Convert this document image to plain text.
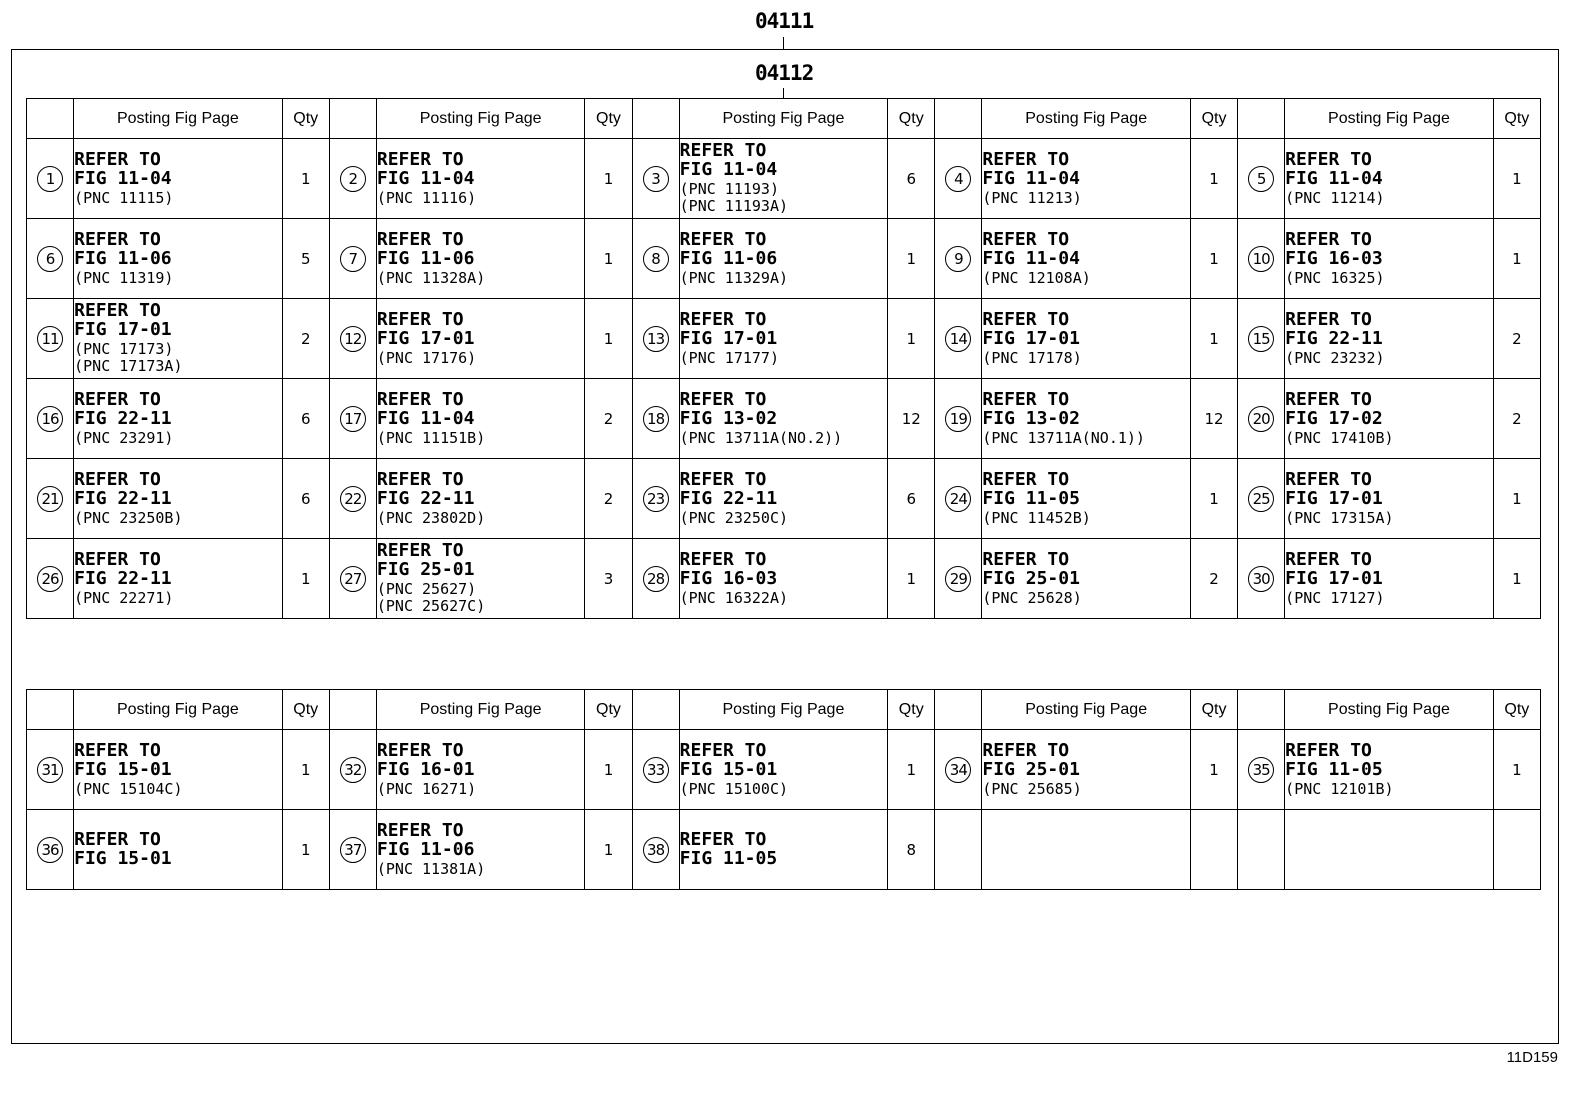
04111
04112
	Posting Fig Page	Qty		Posting Fig Page	Qty		Posting Fig Page	Qty		Posting Fig Page	Qty		Posting Fig Page	Qty
1	REFER TO
FIG 11-04
(PNC 11115)	1	2	REFER TO
FIG 11-04
(PNC 11116)	1	3	REFER TO
FIG 11-04
(PNC 11193)
(PNC 11193A)	6	4	REFER TO
FIG 11-04
(PNC 11213)	1	5	REFER TO
FIG 11-04
(PNC 11214)	1
6	REFER TO
FIG 11-06
(PNC 11319)	5	7	REFER TO
FIG 11-06
(PNC 11328A)	1	8	REFER TO
FIG 11-06
(PNC 11329A)	1	9	REFER TO
FIG 11-04
(PNC 12108A)	1	10	REFER TO
FIG 16-03
(PNC 16325)	1
11	REFER TO
FIG 17-01
(PNC 17173)
(PNC 17173A)	2	12	REFER TO
FIG 17-01
(PNC 17176)	1	13	REFER TO
FIG 17-01
(PNC 17177)	1	14	REFER TO
FIG 17-01
(PNC 17178)	1	15	REFER TO
FIG 22-11
(PNC 23232)	2
16	REFER TO
FIG 22-11
(PNC 23291)	6	17	REFER TO
FIG 11-04
(PNC 11151B)	2	18	REFER TO
FIG 13-02
(PNC 13711A(NO.2))	12	19	REFER TO
FIG 13-02
(PNC 13711A(NO.1))	12	20	REFER TO
FIG 17-02
(PNC 17410B)	2
21	REFER TO
FIG 22-11
(PNC 23250B)	6	22	REFER TO
FIG 22-11
(PNC 23802D)	2	23	REFER TO
FIG 22-11
(PNC 23250C)	6	24	REFER TO
FIG 11-05
(PNC 11452B)	1	25	REFER TO
FIG 17-01
(PNC 17315A)	1
26	REFER TO
FIG 22-11
(PNC 22271)	1	27	REFER TO
FIG 25-01
(PNC 25627)
(PNC 25627C)	3	28	REFER TO
FIG 16-03
(PNC 16322A)	1	29	REFER TO
FIG 25-01
(PNC 25628)	2	30	REFER TO
FIG 17-01
(PNC 17127)	1
	Posting Fig Page	Qty		Posting Fig Page	Qty		Posting Fig Page	Qty		Posting Fig Page	Qty		Posting Fig Page	Qty
31	REFER TO
FIG 15-01
(PNC 15104C)	1	32	REFER TO
FIG 16-01
(PNC 16271)	1	33	REFER TO
FIG 15-01
(PNC 15100C)	1	34	REFER TO
FIG 25-01
(PNC 25685)	1	35	REFER TO
FIG 11-05
(PNC 12101B)	1
36	REFER TO
FIG 15-01	1	37	REFER TO
FIG 11-06
(PNC 11381A)	1	38	REFER TO
FIG 11-05	8						
11D159
